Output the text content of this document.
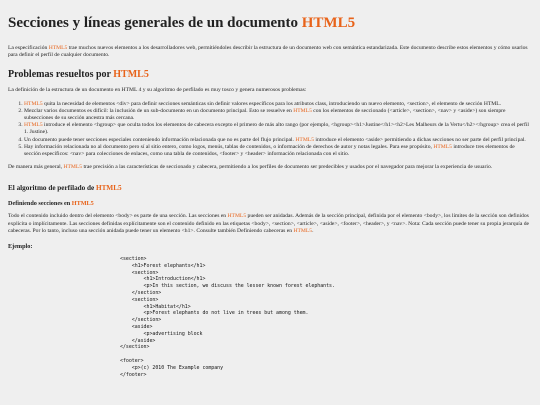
Secciones y líneas generales de un documento HTML5

La especificación HTML5 trae muchos nuevos elementos a los desarrolladores web, permitiéndoles describir la estructura de un documento web con semántica estandarizada. Este documento describe estos elementos y cómo usarlos para definir el perfil de cualquier documento.

Problemas resueltos por HTML5

La definición de la estructura de un documento en HTML 4 y su algoritmo de perfilado es muy tosco y genera numerosos problemas:

1. HTML5 quita la necesidad de elementos <div> para definir secciones semánticas sin definir valores específicos para los atributos class, introduciendo un nuevo elemento, <section>, el elemento de sección HTML.
2. Mezclar varios documentos es difícil: la inclusión de un sub-documento en un documento principal. Esto se resuelve en HTML5 con los elementos de seccionado (<article>, <section>, <nav> y <aside>) son siempre subsecciones de su sección ancestra más cercana.
3. HTML5 introduce el elemento <hgroup> que oculta todos los elementos de cabecera excepto el primero de más alto rango (por ejemplo, <hgroup><h1>Justine</h1><h2>Les Malheurs de la Vertu</h2></hgroup> crea el perfil 1. Justine).
4. Un documento puede tener secciones especiales conteniendo información relacionada que no es parte del flujo principal. HTML5 introduce el elemento <aside> permitiendo a dichas secciones no ser parte del perfil principal.
5. Hay información relacionada no al documento pero sí al sitio entero, como logos, menús, tablas de contenidos, o información de derechos de autor y notas legales. Para ese propósito, HTML5 introduce tres elementos de sección específicos: <nav> para colecciones de enlaces, como una tabla de contenidos, <footer> y <header> información relacionada con el sitio.

De manera más general, HTML5 trae precisión a las características de seccionado y cabecera, permitiendo a los perfiles de documento ser predecibles y usados por el navegador para mejorar la experiencia de usuario.

El algoritmo de perfilado de HTML5
Definiendo secciones en HTML5

Todo el contenido incluido dentro del elemento <body> es parte de una sección. Las secciones en HTML5 pueden ser anidadas. Además de la sección principal, definida por el elemento <body>, los límites de la sección son definidos explícita o implícitamente. Las secciones definidas explícitamente son el contenido definido en las etiquetas <body>, <section>, <article>, <aside>, <footer>, <header>, y <nav>. Nota: Cada sección puede tener su propia jerarquía de cabeceras. Por lo tanto, incluso una sección anidada puede tener un elemento <h1>. Consulte también Definiendo cabeceras en HTML5.

Ejemplo:
<section>
<h1>Forest elephants</h1>
<section>
<h1>Introduction</h1>
<p>In this section, we discuss the lesser known forest elephants.
</section>
<section>
<h1>Habitat</h1>
<p>Forest elephants do not live in trees but among them.
</section>
<aside>
<p>advertising block
</aside>
</section>

<footer>
<p>(c) 2010 The Example company
</footer>
